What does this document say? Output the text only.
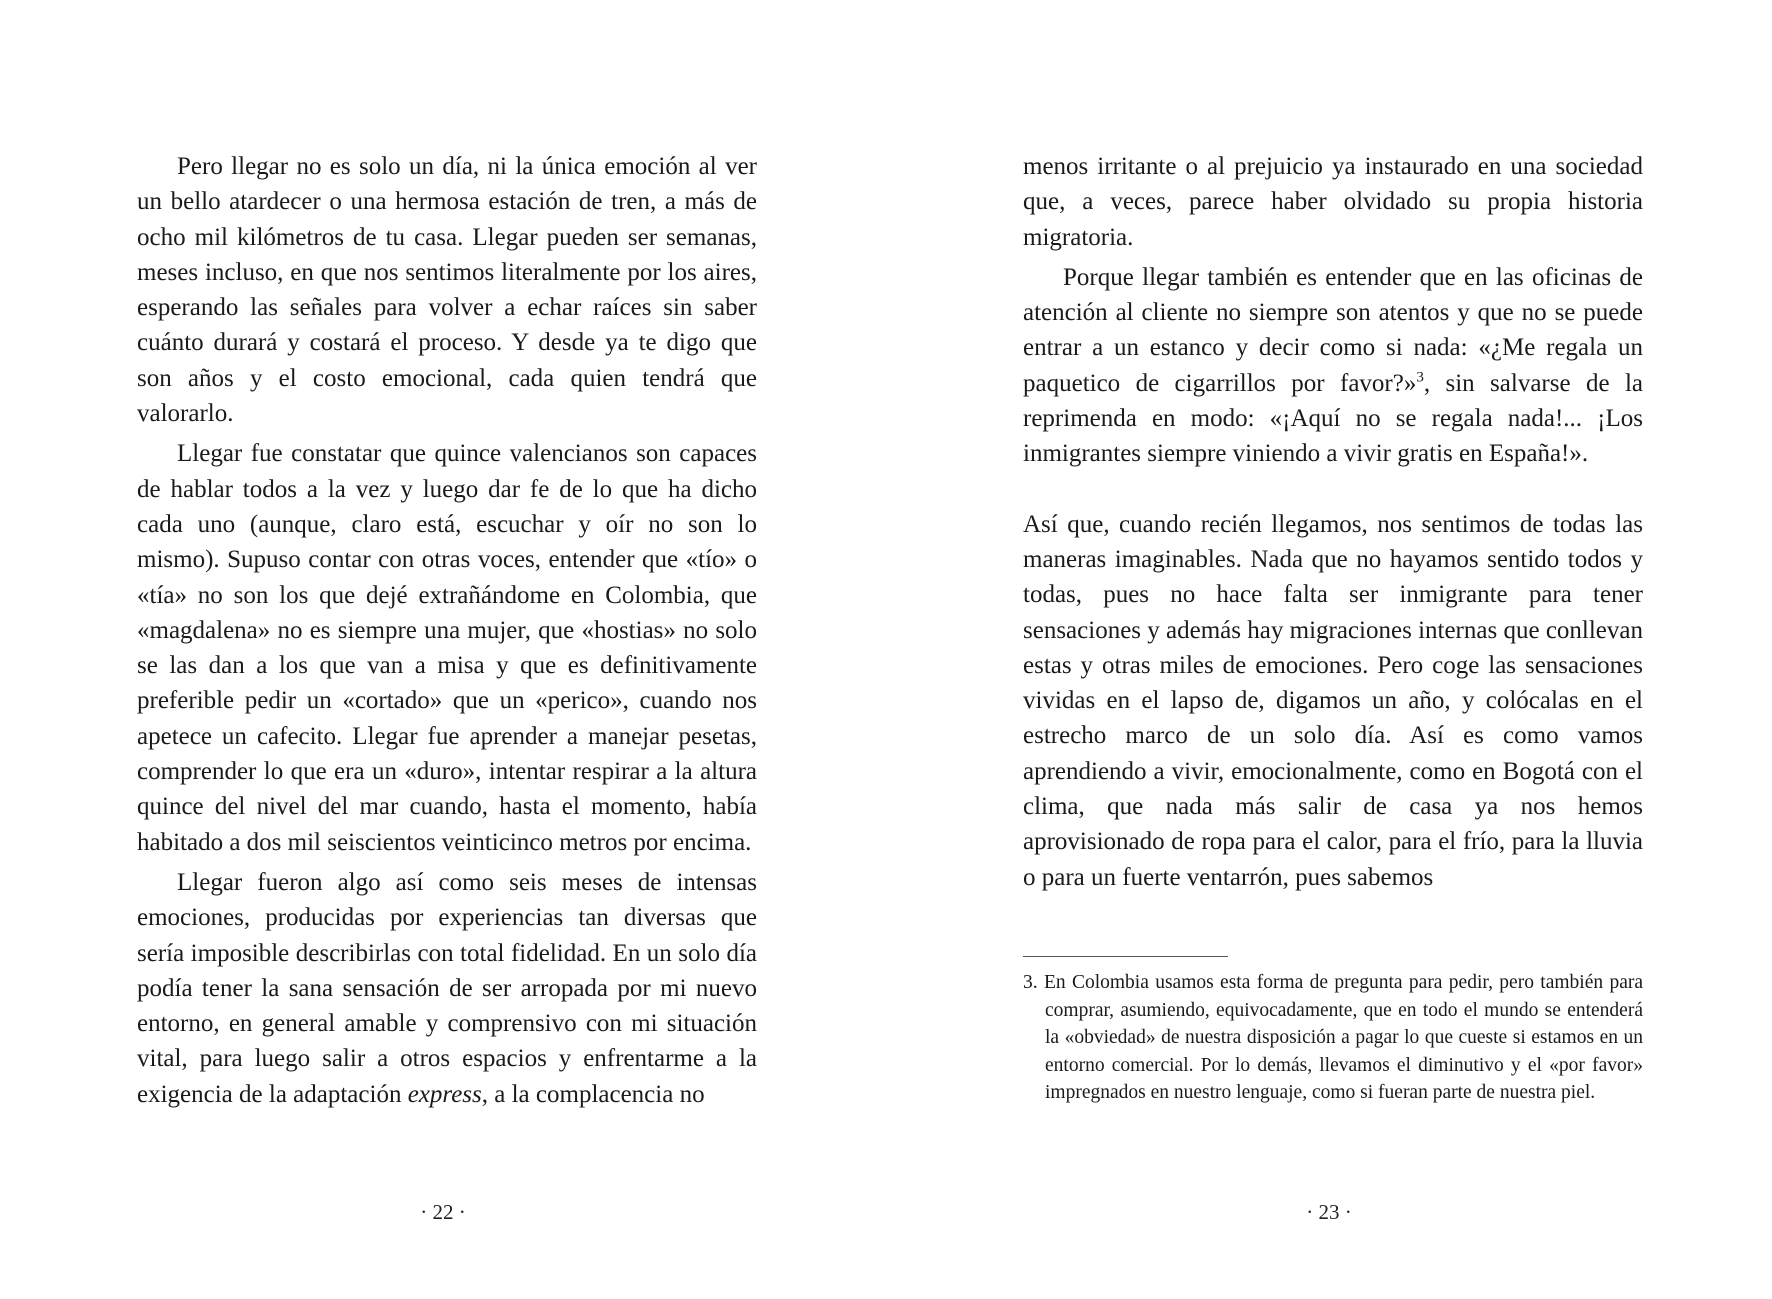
Pero llegar no es solo un día, ni la única emoción al ver un bello atardecer o una hermosa estación de tren, a más de ocho mil kilómetros de tu casa. Llegar pueden ser semanas, meses incluso, en que nos sentimos literalmente por los aires, esperando las señales para volver a echar raíces sin saber cuánto durará y costará el proceso. Y desde ya te digo que son años y el costo emocional, cada quien tendrá que valorarlo.

Llegar fue constatar que quince valencianos son capaces de hablar todos a la vez y luego dar fe de lo que ha dicho cada uno (aunque, claro está, escuchar y oír no son lo mismo). Supuso contar con otras voces, entender que «tío» o «tía» no son los que dejé extrañándome en Colombia, que «magdalena» no es siempre una mujer, que «hostias» no solo se las dan a los que van a misa y que es definitivamente preferible pedir un «cortado» que un «perico», cuando nos apetece un cafecito. Llegar fue aprender a manejar pesetas, comprender lo que era un «duro», intentar respirar a la altura quince del nivel del mar cuando, hasta el momento, había habitado a dos mil seiscientos veinticinco metros por encima.

Llegar fueron algo así como seis meses de intensas emociones, producidas por experiencias tan diversas que sería imposible describirlas con total fidelidad. En un solo día podía tener la sana sensación de ser arropada por mi nuevo entorno, en general amable y comprensivo con mi situación vital, para luego salir a otros espacios y enfrentarme a la exigencia de la adaptación express, a la complacencia no

· 22 ·

menos irritante o al prejuicio ya instaurado en una sociedad que, a veces, parece haber olvidado su propia historia migratoria.

Porque llegar también es entender que en las oficinas de atención al cliente no siempre son atentos y que no se puede entrar a un estanco y decir como si nada: «¿Me regala un paquetico de cigarrillos por favor?»$^3$, sin salvarse de la reprimenda en modo: «¡Aquí no se regala nada!... ¡Los inmigrantes siempre viniendo a vivir gratis en España!».

Así que, cuando recién llegamos, nos sentimos de todas las maneras imaginables. Nada que no hayamos sentido todos y todas, pues no hace falta ser inmigrante para tener sensaciones y además hay migraciones internas que conllevan estas y otras miles de emociones. Pero coge las sensaciones vividas en el lapso de, digamos un año, y colócalas en el estrecho marco de un solo día. Así es como vamos aprendiendo a vivir, emocionalmente, como en Bogotá con el clima, que nada más salir de casa ya nos hemos aprovisionado de ropa para el calor, para el frío, para la lluvia o para un fuerte ventarrón, pues sabemos

3. En Colombia usamos esta forma de pregunta para pedir, pero también para comprar, asumiendo, equivocadamente, que en todo el mundo se entenderá la «obviedad» de nuestra disposición a pagar lo que cueste si estamos en un entorno comercial. Por lo demás, llevamos el diminutivo y el «por favor» impregnados en nuestro lenguaje, como si fueran parte de nuestra piel.
· 23 ·
